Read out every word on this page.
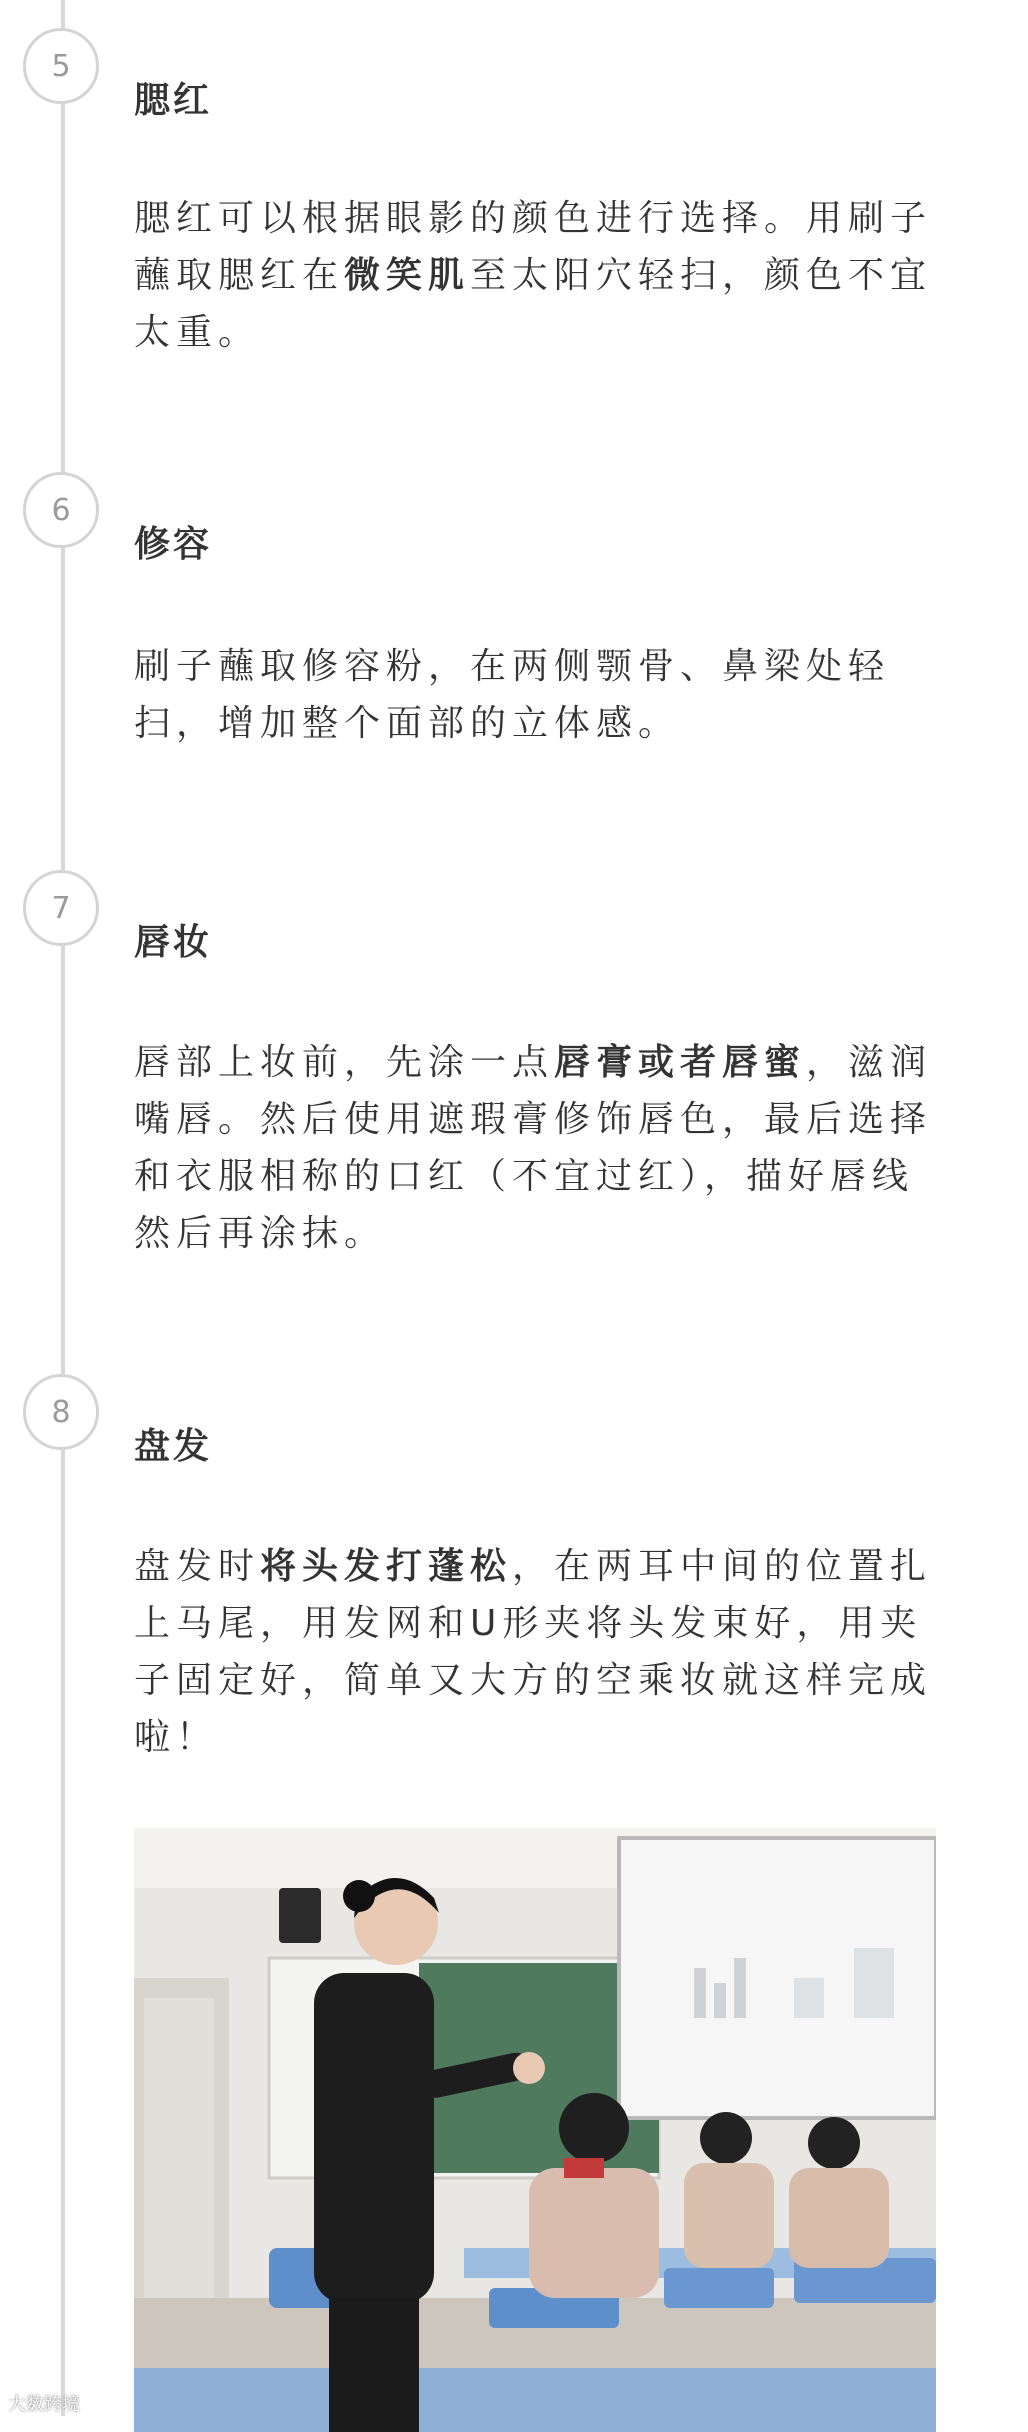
5
腮红
腮红可以根据眼影的颜色进行选择。用刷子蘸取腮红在微笑肌至太阳穴轻扫，颜色不宜太重。
6
修容
刷子蘸取修容粉，在两侧颚骨、鼻梁处轻扫，增加整个面部的立体感。
7
唇妆
唇部上妆前，先涂一点唇膏或者唇蜜，滋润嘴唇。然后使用遮瑕膏修饰唇色，最后选择和衣服相称的口红（不宜过红），描好唇线然后再涂抹。
8
盘发
盘发时将头发打蓬松，在两耳中间的位置扎上马尾，用发网和U形夹将头发束好，用夹子固定好，简单又大方的空乘妆就这样完成啦！
大数跨境
